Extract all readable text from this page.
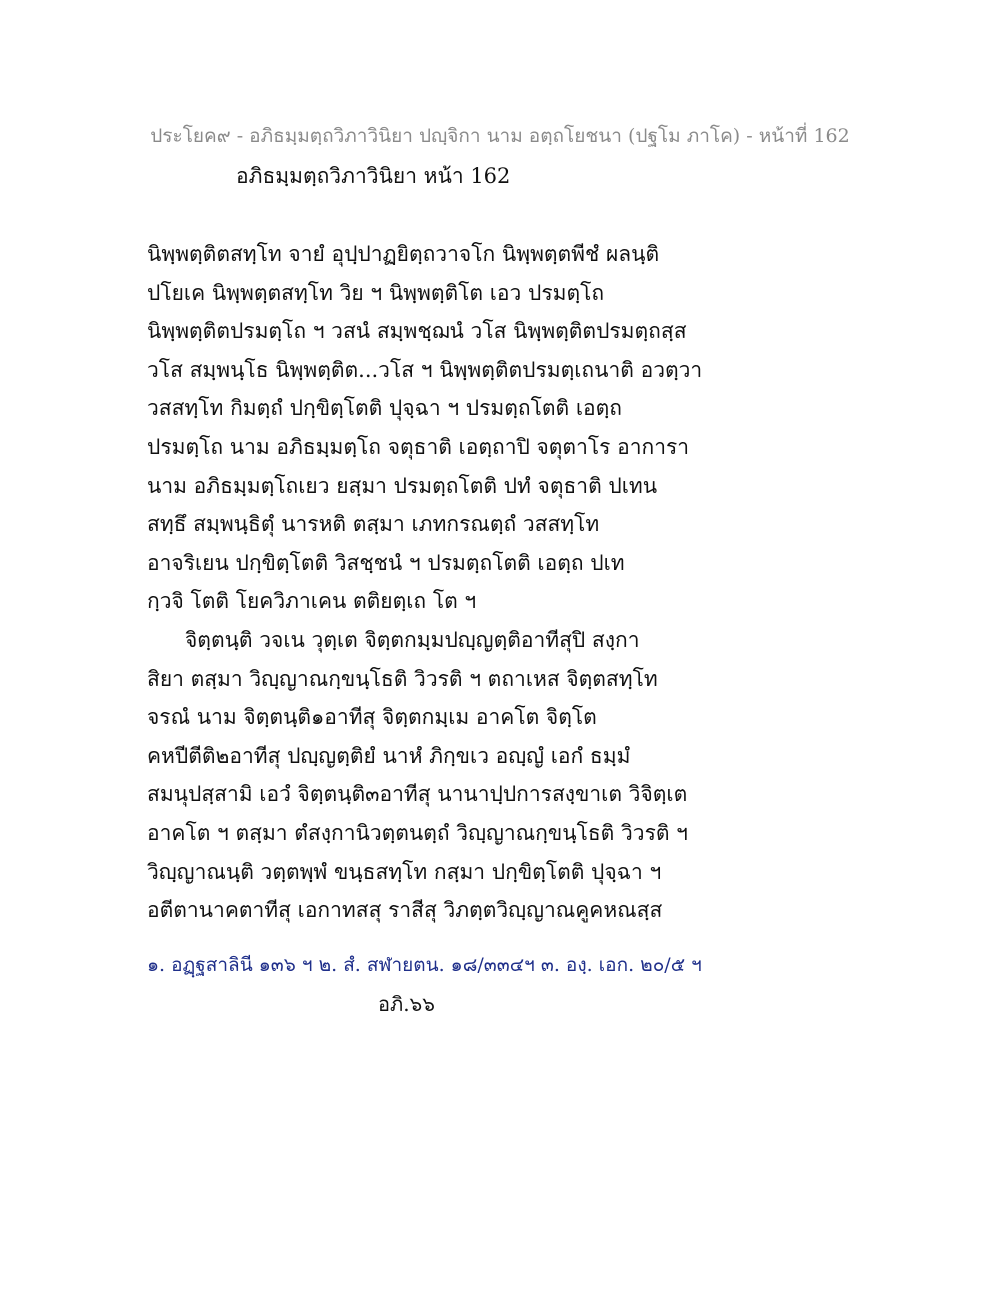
ประโยค๙ - อภิธมฺมตฺถวิภาวินิยา ปญฺจิกา นาม อตฺถโยชนา (ปฐโม ภาโค) - หน้าที่ 162
อภิธมฺมตฺถวิภาวินิยา หน้า 162
นิพฺพตฺติตสทฺโท จายํ อุปฺปาฏยิตฺถวาจโก นิพฺพตฺตพีชํ ผลนฺติ
ปโยเค นิพฺพตฺตสทฺโท วิย ฯ นิพฺพตฺติโต เอว ปรมตฺโถ
นิพฺพตฺติตปรมตฺโถ ฯ วสนํ สมฺพชฺฌนํ วโส นิพฺพตฺติตปรมตฺถสฺส
วโส สมฺพนฺโธ นิพฺพตฺติต...วโส ฯ นิพฺพตฺติตปรมตฺเถนาติ อวตฺวา
วสสทฺโท กิมตฺถํ ปกฺขิตฺโตติ ปุจฺฉา ฯ ปรมตฺถโตติ เอตฺถ
ปรมตฺโถ นาม อภิธมฺมตฺโถ จตุธาติ เอตฺถาปิ จตุตาโร อาการา
นาม อภิธมฺมตฺโถเยว ยสฺมา ปรมตฺถโตติ ปทํ จตุธาติ ปเทน
สทฺธึ สมฺพนฺธิตุํ นารหติ ตสฺมา เภทกรณตฺถํ วสสทฺโท
อาจริเยน ปกฺขิตฺโตติ วิสชฺชนํ ฯ ปรมตฺถโตติ เอตฺถ ปเท
กฺวจิ โตติ โยควิภาเคน ตติยตฺเถ โต ฯ
จิตฺตนฺติ วจเน วุตฺเต จิตฺตกมฺมปญฺญตฺติอาทีสุปิ สงฺกา
สิยา ตสฺมา วิญฺญาณกฺขนฺโธติ วิวรติ ฯ ตถาเหส จิตฺตสทฺโท
จรณํ นาม จิตฺตนฺติ๑อาทีสุ จิตฺตกมฺเม อาคโต จิตฺโต
คหปีตีติ๒อาทีสุ ปญฺญตฺติยํ นาหํ ภิกฺขเว อญฺญํ เอกํ ธมฺมํ
สมนุปสฺสามิ เอวํ จิตฺตนฺติ๓อาทีสุ นานาปฺปการสงฺขาเต วิจิตฺเต
อาคโต ฯ ตสฺมา ตํสงฺกานิวตฺตนตฺถํ วิญฺญาณกฺขนฺโธติ วิวรติ ฯ
วิญฺญาณนฺติ วตฺตพฺพํ ขนฺธสทฺโท กสฺมา ปกฺขิตฺโตติ ปุจฺฉา ฯ
อตีตานาคตาทีสุ เอกาทสสุ ราสีสุ วิภตฺตวิญฺญาณคูคหณสฺส
๑. อฏฺฐสาลินี ๑๓๖ ฯ ๒. สํ. สฬายตน. ๑๘/๓๓๔ฯ ๓. องฺ. เอก. ๒๐/๕ ฯ
อภิ.๖๖
